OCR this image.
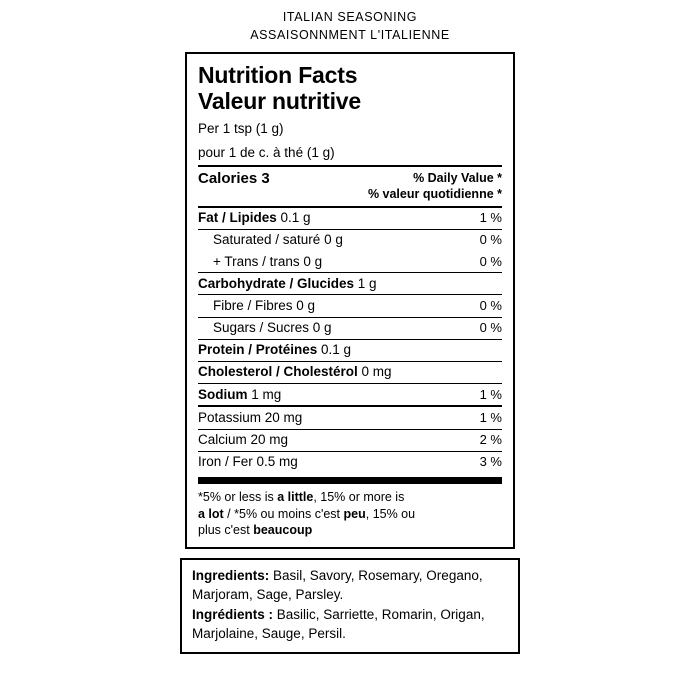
ITALIAN SEASONING
ASSAISONNMENT L'ITALIENNE
Nutrition Facts
Valeur nutritive
Per 1 tsp (1 g)
pour 1 de c. à thé (1 g)
Calories 3	% Daily Value *
% valeur quotidienne *
Fat / Lipides 0.1 g	1 %
Saturated / saturé 0 g	0 %
+ Trans / trans 0 g	0 %
Carbohydrate / Glucides 1 g
Fibre / Fibres 0 g	0 %
Sugars / Sucres 0 g	0 %
Protein / Protéines 0.1 g
Cholesterol / Cholestérol 0 mg
Sodium 1 mg	1 %
Potassium 20 mg	1 %
Calcium 20 mg	2 %
Iron / Fer 0.5 mg	3 %
*5% or less is a little, 15% or more is
a lot / *5% ou moins c'est peu, 15% ou
plus c'est beaucoup
Ingredients: Basil, Savory, Rosemary, Oregano, Marjoram, Sage, Parsley.
Ingrédients : Basilic, Sarriette, Romarin, Origan, Marjolaine, Sauge, Persil.
